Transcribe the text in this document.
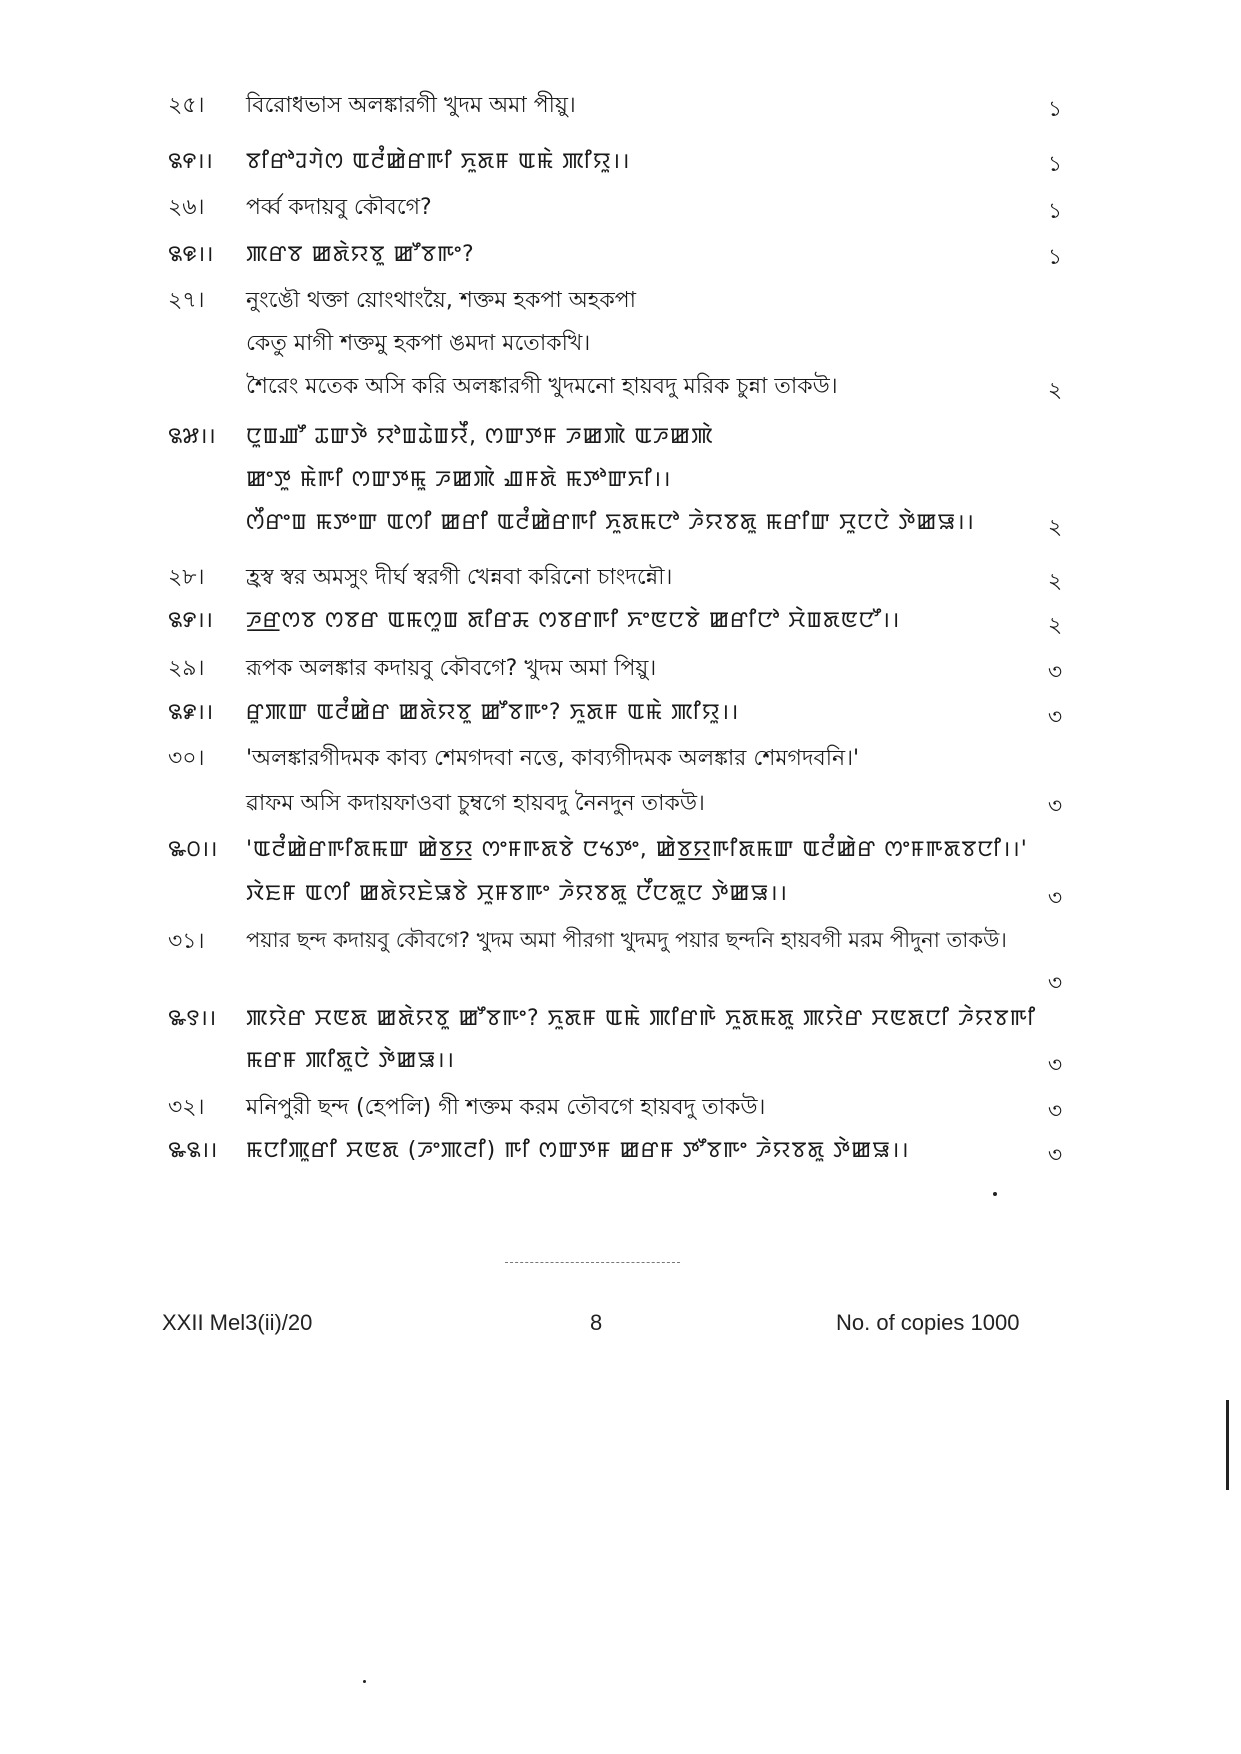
২৫। বিরোধভাস অলঙ্কারগী খুদম অমা পীয়ু।	১
꯲꯵।। ꯕꯤꯔꯣꯙꯚꯥꯁ ꯑꯂꯪꯀꯥꯔꯒꯤ ꯈꯨꯗꯝ ꯑꯃꯥ ꯄꯤꯌꯨ।।	১
২৬। পৰ্ব্ব কদায়বু কৌবগে?	১
꯲꯶।। ꯄꯔꯕ ꯀꯗꯥꯌꯕꯨ ꯀꯧꯕꯒꯦ?	১
২৭। নুংঙৌ থক্তা য়োংথাংয়ৈ, শক্তম হকপা অহকপা
কেতু মাগী শক্তমু হকপা ঙমদা মতোকখি।
শৈরেং মতেক অসি করি অলঙ্কারগী খুদমনো হায়বদু মরিক চুন্না তাকউ।	২
꯲꯷।। ꯅꯨꯡꯉꯧ ꯊꯛꯇꯥ ꯌꯣꯡꯊꯥꯡꯌꯩ, ꯁꯛꯇꯝ ꯍꯀꯄꯥ ꯑꯍꯀꯄꯥ
ꯀꯦꯇꯨ ꯃꯥꯒꯤ ꯁꯛꯇꯃꯨ ꯍꯀꯄꯥ ꯉꯝꯗꯥ ꯃꯇꯣꯛꯈꯤ।।
ꯁꯩꯔꯦꯡ ꯃꯇꯦꯛ ꯑꯁꯤ ꯀꯔꯤ ꯑꯂꯪꯀꯥꯔꯒꯤ ꯈꯨꯗꯃꯅꯣ ꯍꯥꯌꯕꯗꯨ ꯃꯔꯤꯛ ꯆꯨꯅꯅꯥ ꯇꯥꯀꯎ।।	২
২৮। হ্রস্ব স্বর অমসুং দীর্ঘ স্বরগী খেন্নবা করিনো চাংদন্নৌ।	২
꯲꯸।। ꯍ꯭ꯔꯁꯕ ꯁꯕꯔ ꯑꯃꯁꯨꯡ ꯗꯤꯔꯘ ꯁꯕꯔꯒꯤ ꯈꯦꯟꯅꯕꯥ ꯀꯔꯤꯅꯣ ꯆꯥꯡꯗꯟꯅꯧ।।	২
২৯। রূপক অলঙ্কার কদায়বু কৌবগে? খুদম অমা পিয়ু।	৩
꯲꯹।। ꯔꯨꯄꯛ ꯑꯂꯪꯀꯥꯔ ꯀꯗꯥꯌꯕꯨ ꯀꯧꯕꯒꯦ? ꯈꯨꯗꯝ ꯑꯃꯥ ꯄꯤꯌꯨ।।	৩
৩০। 'অলঙ্কারগীদমক কাব্য শেমগদবা নত্তে, কাব্যগীদমক অলঙ্কার শেমগদবনি।'
ৱাফম অসি কদায়ফাওবা চুম্বগে হায়বদু নৈনদুন তাকউ।	৩
꯳꯰।। 'ꯑꯂꯪꯀꯥꯔꯒꯤꯗꯃꯛ ꯀꯥꯕ꯭ꯌ ꯁꯦꯝꯒꯗꯕꯥ ꯅꯠꯇꯦ, ꯀꯥꯕ꯭ꯌꯒꯤꯗꯃꯛ ꯑꯂꯪꯀꯥꯔ ꯁꯦꯝꯒꯗꯕꯅꯤ।।'
ꯋꯥꯐꯝ ꯑꯁꯤ ꯀꯗꯥꯌꯐꯥꯎꯕꯥ ꯆꯨꯝꯕꯒꯦ ꯍꯥꯌꯕꯗꯨ ꯅꯩꯅꯗꯨꯅ ꯇꯥꯀꯎ।।	৩
৩১। পয়ার ছন্দ কদায়বু কৌবগে? খুদম অমা পীরগা খুদমদু পয়ার ছন্দনি হায়বগী মরম পীদুনা তাকউ।
৩
꯳꯱।। ꯄꯌꯥꯔ ꯆꯟꯗ ꯀꯗꯥꯌꯕꯨ ꯀꯧꯕꯒꯦ? ꯈꯨꯗꯝ ꯑꯃꯥ ꯄꯤꯔꯒꯥ ꯈꯨꯗꯃꯗꯨ ꯄꯌꯥꯔ ꯆꯟꯗꯅꯤ ꯍꯥꯌꯕꯒꯤ
ꯃꯔꯝ ꯄꯤꯗꯨꯅꯥ ꯇꯥꯀꯎ।।	৩
৩২। মনিপুরী ছন্দ (হেপলি) গী শক্তম করম তৌবগে হায়বদু তাকউ।	৩
꯳꯲।। ꯃꯅꯤꯄꯨꯔꯤ ꯆꯟꯗ (ꯍꯦꯄꯂꯤ) ꯒꯤ ꯁꯛꯇꯝ ꯀꯔꯝ ꯇꯧꯕꯒꯦ ꯍꯥꯌꯕꯗꯨ ꯇꯥꯀꯎ।।	৩
XXII Mel3(ii)/20	8	No. of copies 1000
